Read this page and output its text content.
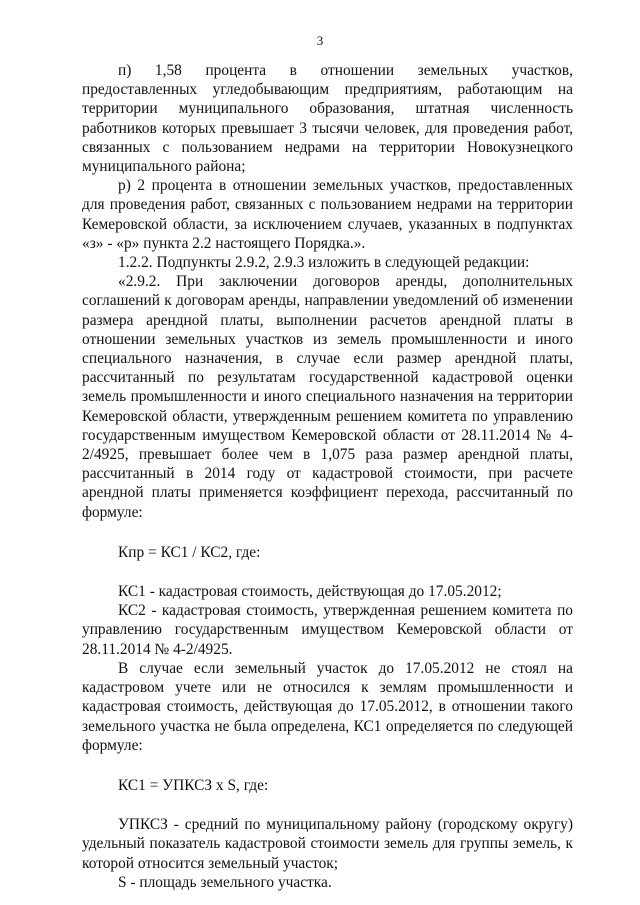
3

п) 1,58 процента в отношении земельных участков, предоставленных угледобывающим предприятиям, работающим на территории муниципального образования, штатная численность работников которых превышает 3 тысячи человек, для проведения работ, связанных с пользованием недрами на территории Новокузнецкого муниципального района;

р) 2 процента в отношении земельных участков, предоставленных для проведения работ, связанных с пользованием недрами на территории Кемеровской области, за исключением случаев, указанных в подпунктах «з» - «р» пункта 2.2 настоящего Порядка.».

1.2.2. Подпункты 2.9.2, 2.9.3 изложить в следующей редакции:

«2.9.2. При заключении договоров аренды, дополнительных соглашений к договорам аренды, направлении уведомлений об изменении размера арендной платы, выполнении расчетов арендной платы в отношении земельных участков из земель промышленности и иного специального назначения, в случае если размер арендной платы, рассчитанный по результатам государственной кадастровой оценки земель промышленности и иного специального назначения на территории Кемеровской области, утвержденным решением комитета по управлению государственным имуществом Кемеровской области от 28.11.2014 № 4-2/4925, превышает более чем в 1,075 раза размер арендной платы, рассчитанный в 2014 году от кадастровой стоимости, при расчете арендной платы применяется коэффициент перехода, рассчитанный по формуле:

Кпр = КС1 / КС2, где:

КС1 - кадастровая стоимость, действующая до 17.05.2012;

КС2 - кадастровая стоимость, утвержденная решением комитета по управлению государственным имуществом Кемеровской области от 28.11.2014 № 4-2/4925.

В случае если земельный участок до 17.05.2012 не стоял на кадастровом учете или не относился к землям промышленности и кадастровая стоимость, действующая до 17.05.2012, в отношении такого земельного участка не была определена, КС1 определяется по следующей формуле:

КС1 = УПКСЗ x S, где:

УПКСЗ - средний по муниципальному району (городскому округу) удельный показатель кадастровой стоимости земель для группы земель, к которой относится земельный участок;

S - площадь земельного участка.
